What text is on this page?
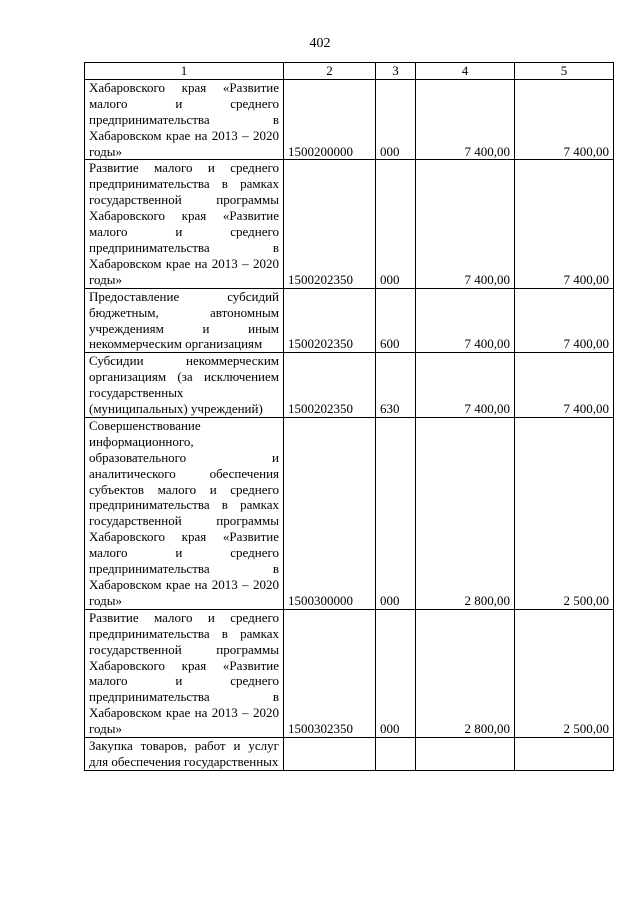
402
1	2	3	4	5
Хабаровского края «Развитие малого и среднего предпринимательства в Хабаровском крае на 2013 – 2020 годы»	1500200000	000	7 400,00	7 400,00
Развитие малого и среднего предпринимательства в рамках государственной программы Хабаровского края «Развитие малого и среднего предпринимательства в Хабаровском крае на 2013 – 2020 годы»	1500202350	000	7 400,00	7 400,00
Предоставление субсидий бюджетным, автономным учреждениям и иным некоммерческим организациям	1500202350	600	7 400,00	7 400,00
Субсидии некоммерческим организациям (за исключением государственных (муниципальных) учреждений)	1500202350	630	7 400,00	7 400,00
Совершенствование информационного, образовательного и аналитического обеспечения субъектов малого и среднего предпринимательства в рамках государственной программы Хабаровского края «Развитие малого и среднего предпринимательства в Хабаровском крае на 2013 – 2020 годы»	1500300000	000	2 800,00	2 500,00
Развитие малого и среднего предпринимательства в рамках государственной программы Хабаровского края «Развитие малого и среднего предпринимательства в Хабаровском крае на 2013 – 2020 годы»	1500302350	000	2 800,00	2 500,00
Закупка товаров, работ и услуг для обеспечения государственных				
